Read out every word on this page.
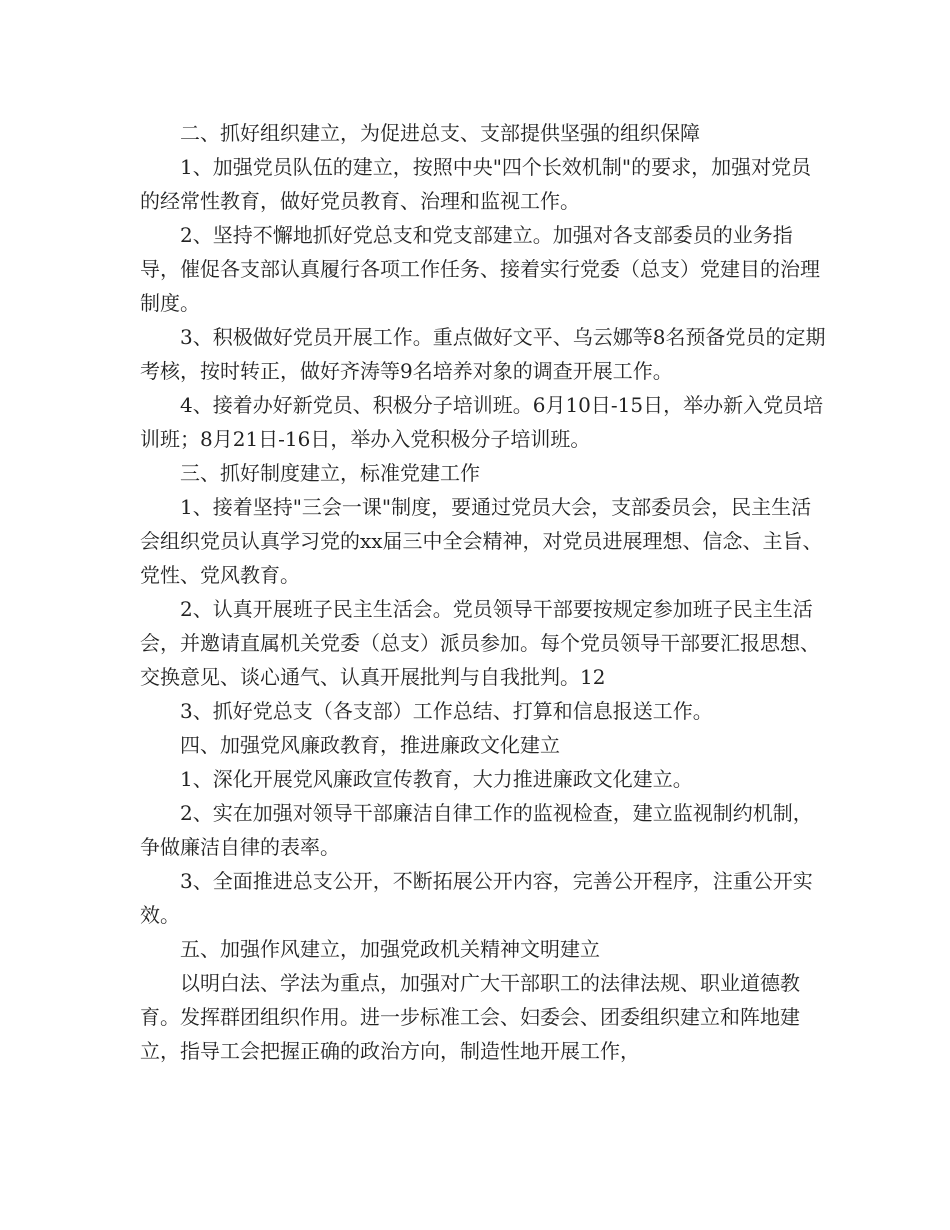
二、抓好组织建立，为促进总支、支部提供坚强的组织保障

1、加强党员队伍的建立，按照中央"四个长效机制"的要求，加强对党员的经常性教育，做好党员教育、治理和监视工作。

2、坚持不懈地抓好党总支和党支部建立。加强对各支部委员的业务指导，催促各支部认真履行各项工作任务、接着实行党委（总支）党建目的治理制度。

3、积极做好党员开展工作。重点做好文平、乌云娜等8名预备党员的定期考核，按时转正，做好齐涛等9名培养对象的调查开展工作。

4、接着办好新党员、积极分子培训班。6月10日-15日，举办新入党员培训班；8月21日-16日，举办入党积极分子培训班。

三、抓好制度建立，标准党建工作

1、接着坚持"三会一课"制度，要通过党员大会，支部委员会，民主生活会组织党员认真学习党的xx届三中全会精神，对党员进展理想、信念、主旨、党性、党风教育。

2、认真开展班子民主生活会。党员领导干部要按规定参加班子民主生活会，并邀请直属机关党委（总支）派员参加。每个党员领导干部要汇报思想、交换意见、谈心通气、认真开展批判与自我批判。12

3、抓好党总支（各支部）工作总结、打算和信息报送工作。

四、加强党风廉政教育，推进廉政文化建立

1、深化开展党风廉政宣传教育，大力推进廉政文化建立。

2、实在加强对领导干部廉洁自律工作的监视检查，建立监视制约机制，争做廉洁自律的表率。

3、全面推进总支公开，不断拓展公开内容，完善公开程序，注重公开实效。

五、加强作风建立，加强党政机关精神文明建立

以明白法、学法为重点，加强对广大干部职工的法律法规、职业道德教育。发挥群团组织作用。进一步标准工会、妇委会、团委组织建立和阵地建立，指导工会把握正确的政治方向，制造性地开展工作，
